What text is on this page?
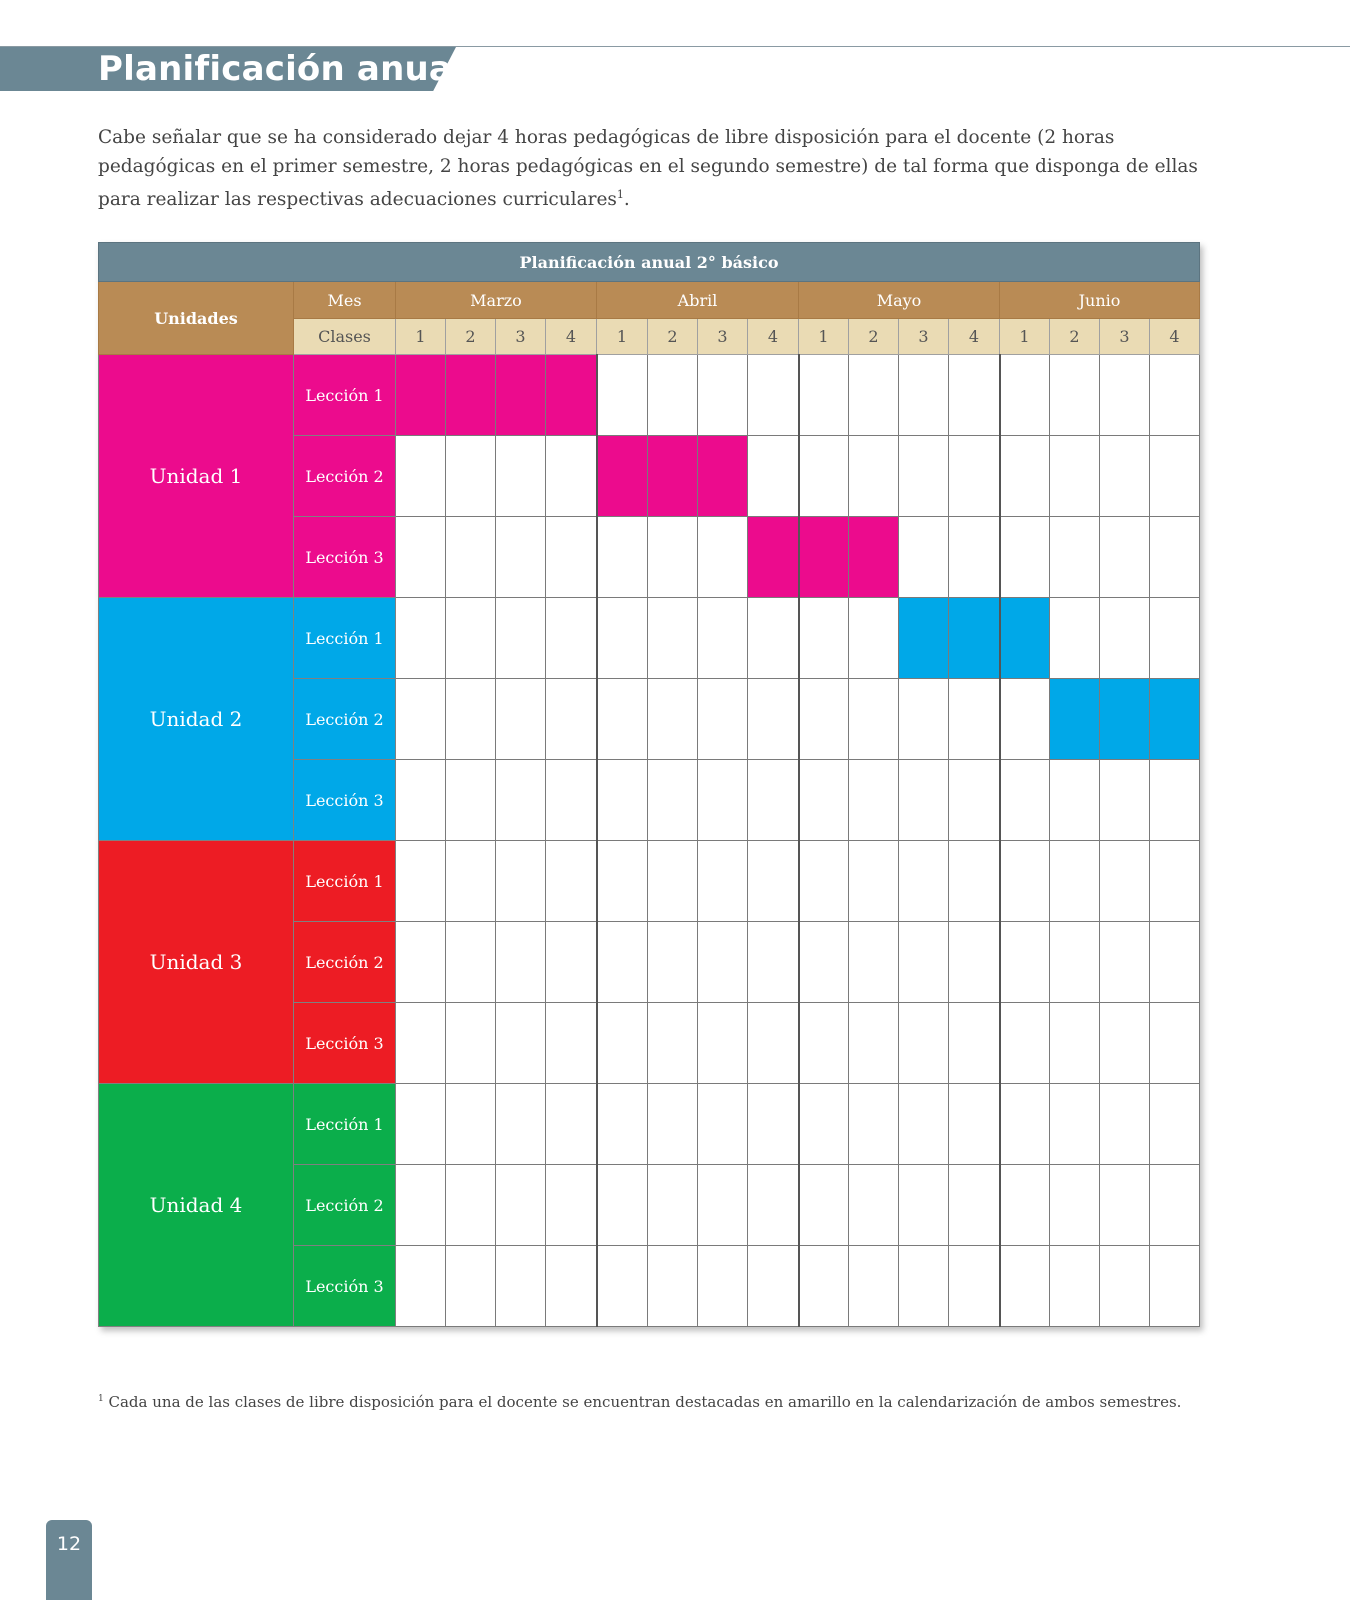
Planificación anual

Cabe señalar que se ha considerado dejar 4 horas pedagógicas de libre disposición para el docente (2 horas pedagógicas en el primer semestre, 2 horas pedagógicas en el segundo semestre) de tal forma que disponga de ellas para realizar las respectivas adecuaciones curriculares$^1$.

Planificación anual 2° básico																	
Unidades	Mes	Marzo				Abril				Mayo				Junio			
	Clases	1	2	3	4	1	2	3	4	1	2	3	4	1	2	3	4
Unidad 1	Lección 1																
	Lección 2																
	Lección 3																
Unidad 2	Lección 1																
	Lección 2																
	Lección 3																
Unidad 3	Lección 1																
	Lección 2																
	Lección 3																
Unidad 4	Lección 1																
	Lección 2																
	Lección 3																

$^1$ Cada una de las clases de libre disposición para el docente se encuentran destacadas en amarillo en la calendarización de ambos semestres.

12
